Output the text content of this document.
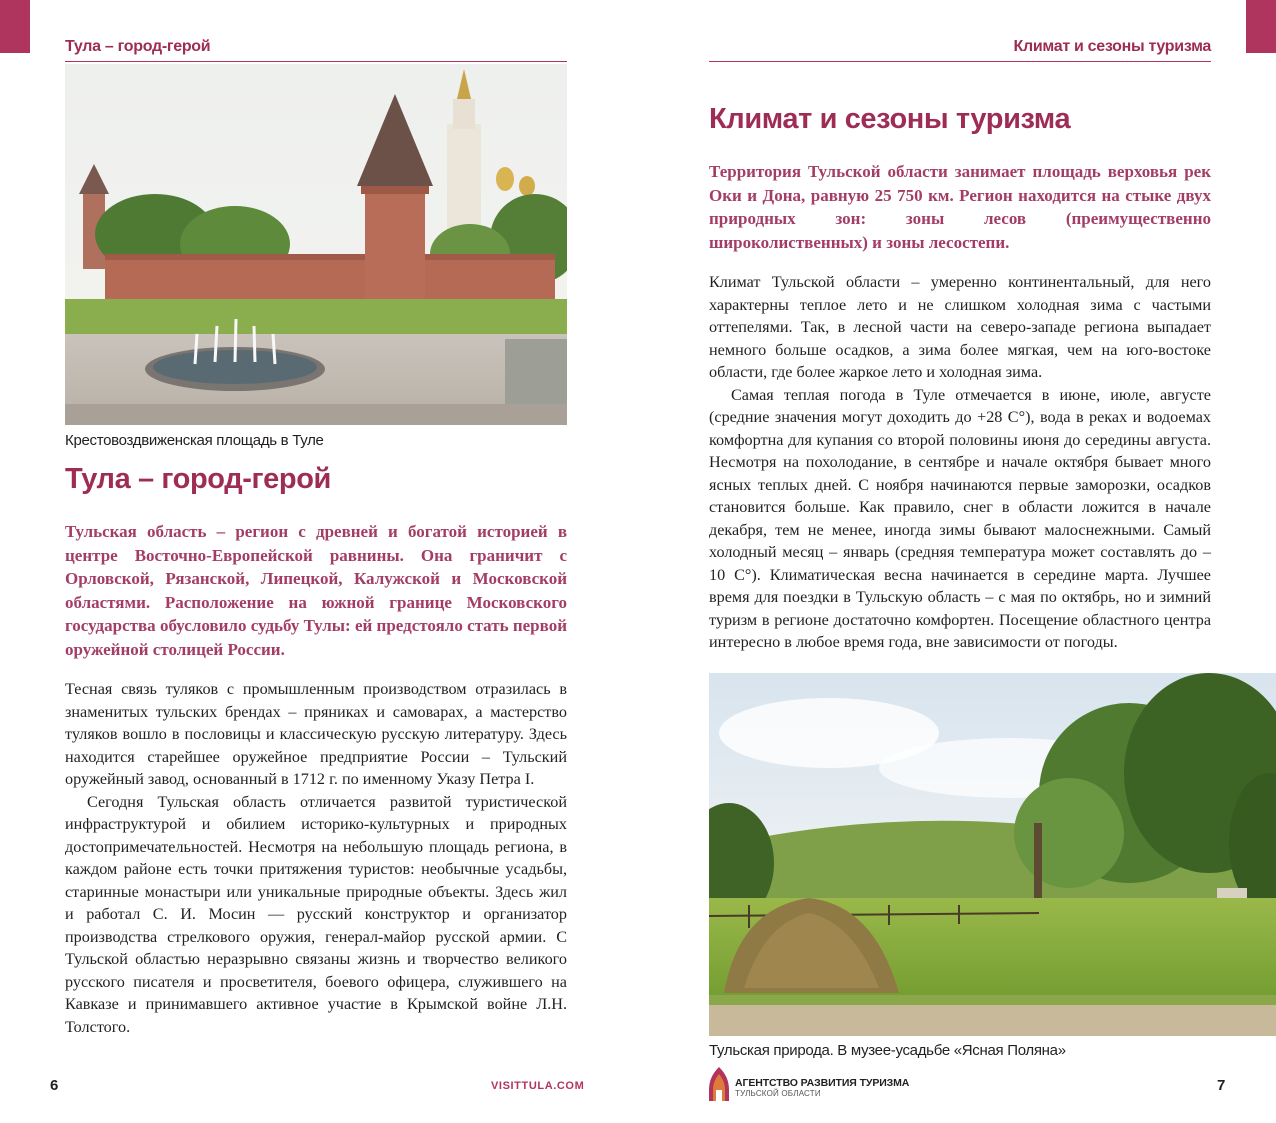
Тула – город-герой
Крестовоздвиженская площадь в Туле
Тула – город-герой
Тульская область – регион с древней и богатой историей в центре Восточно-Европейской равнины. Она граничит с Орловской, Рязанской, Липецкой, Калужской и Московской областями. Расположение на южной границе Московского государства обусловило судьбу Тулы: ей предстояло стать первой оружейной столицей России.

Тесная связь туляков с промышленным производством отразилась в знаменитых тульских брендах – пряниках и самоварах, а мастерство туляков вошло в пословицы и классическую русскую литературу. Здесь находится старейшее оружейное предприятие России – Тульский оружейный завод, основанный в 1712 г. по именному Указу Петра I.

Сегодня Тульская область отличается развитой туристической инфраструктурой и обилием историко-культурных и природных достопримечательностей. Несмотря на небольшую площадь региона, в каждом районе есть точки притяжения туристов: необычные усадьбы, старинные монастыри или уникальные природные объекты. Здесь жил и работал С. И. Мосин — русский конструктор и организатор производства стрелкового оружия, генерал-майор русской армии. С Тульской областью неразрывно связаны жизнь и творчество великого русского писателя и просветителя, боевого офицера, служившего на Кавказе и принимавшего активное участие в Крымской войне Л.Н. Толстого.

6	VISITTULA.COM
Климат и сезоны туризма
Климат и сезоны туризма
Территория Тульской области занимает площадь верховья рек Оки и Дона, равную 25 750 км. Регион находится на стыке двух природных зон: зоны лесов (преимущественно широколиственных) и зоны лесостепи.

Климат Тульской области – умеренно континентальный, для него характерны теплое лето и не слишком холодная зима с частыми оттепелями. Так, в лесной части на северо-западе региона выпадает немного больше осадков, а зима более мягкая, чем на юго-востоке области, где более жаркое лето и холодная зима.

Самая теплая погода в Туле отмечается в июне, июле, августе (средние значения могут доходить до +28 С°), вода в реках и водоемах комфортна для купания со второй половины июня до середины августа. Несмотря на похолодание, в сентябре и начале октября бывает много ясных теплых дней. С ноября начинаются первые заморозки, осадков становится больше. Как правило, снег в области ложится в начале декабря, тем не менее, иногда зимы бывают малоснежными. Самый холодный месяц – январь (средняя температура может составлять до –10 С°). Климатическая весна начинается в середине марта. Лучшее время для поездки в Тульскую область – с мая по октябрь, но и зимний туризм в регионе достаточно комфортен. Посещение областного центра интересно в любое время года, вне зависимости от погоды.

Тульская природа. В музее-усадьбе «Ясная Поляна»
АГЕНТСТВО РАЗВИТИЯ ТУРИЗМА
ТУЛЬСКОЙ ОБЛАСТИ	7
